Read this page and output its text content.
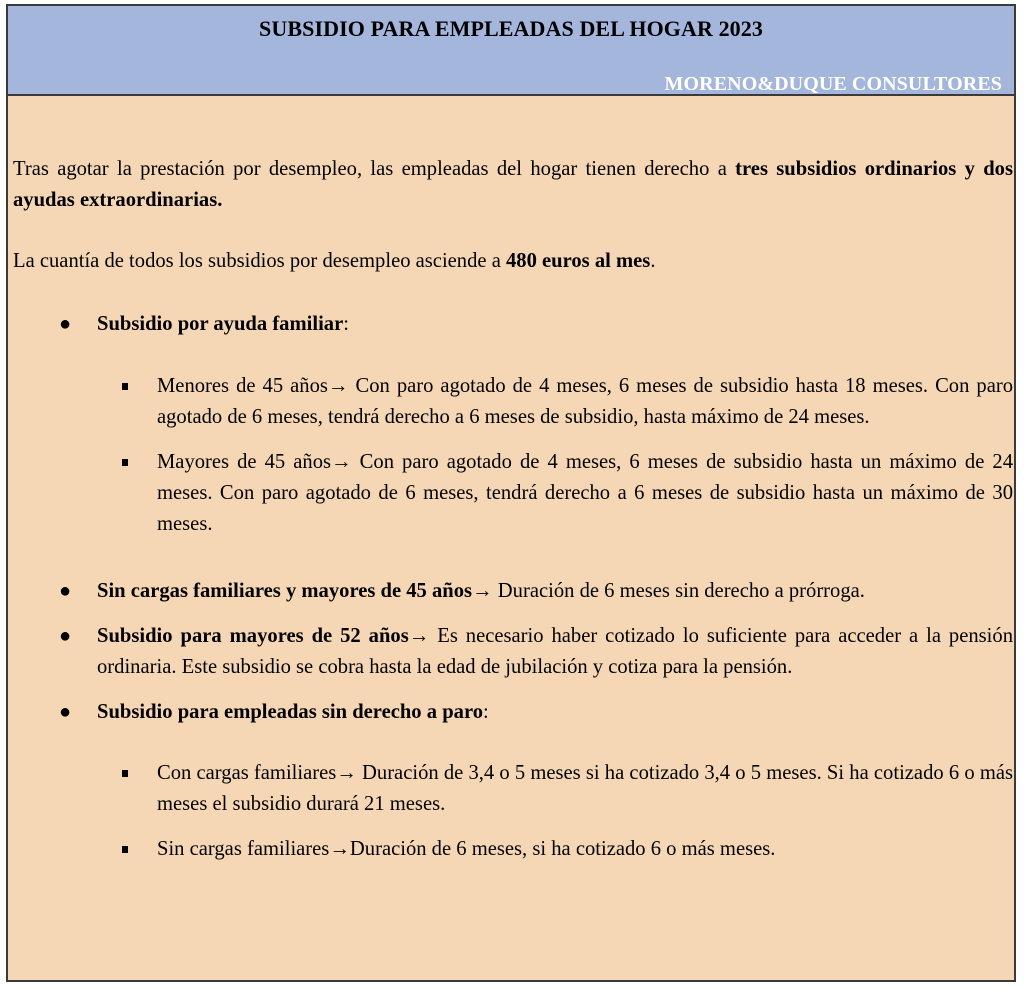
SUBSIDIO PARA EMPLEADAS DEL HOGAR 2023
MORENO&DUQUE CONSULTORES

Tras agotar la prestación por desempleo, las empleadas del hogar tienen derecho a tres subsidios ordinarios y dos ayudas extraordinarias.

La cuantía de todos los subsidios por desempleo asciende a 480 euros al mes.

● Subsidio por ayuda familiar:
Menores de 45 años→ Con paro agotado de 4 meses, 6 meses de subsidio hasta 18 meses. Con paro agotado de 6 meses, tendrá derecho a 6 meses de subsidio, hasta máximo de 24 meses.
Mayores de 45 años→ Con paro agotado de 4 meses, 6 meses de subsidio hasta un máximo de 24 meses. Con paro agotado de 6 meses, tendrá derecho a 6 meses de subsidio hasta un máximo de 30 meses.
● Sin cargas familiares y mayores de 45 años→ Duración de 6 meses sin derecho a prórroga.
● Subsidio para mayores de 52 años→ Es necesario haber cotizado lo suficiente para acceder a la pensión ordinaria. Este subsidio se cobra hasta la edad de jubilación y cotiza para la pensión.
● Subsidio para empleadas sin derecho a paro:
Con cargas familiares→ Duración de 3,4 o 5 meses si ha cotizado 3,4 o 5 meses. Si ha cotizado 6 o más meses el subsidio durará 21 meses.
Sin cargas familiares→Duración de 6 meses, si ha cotizado 6 o más meses.
